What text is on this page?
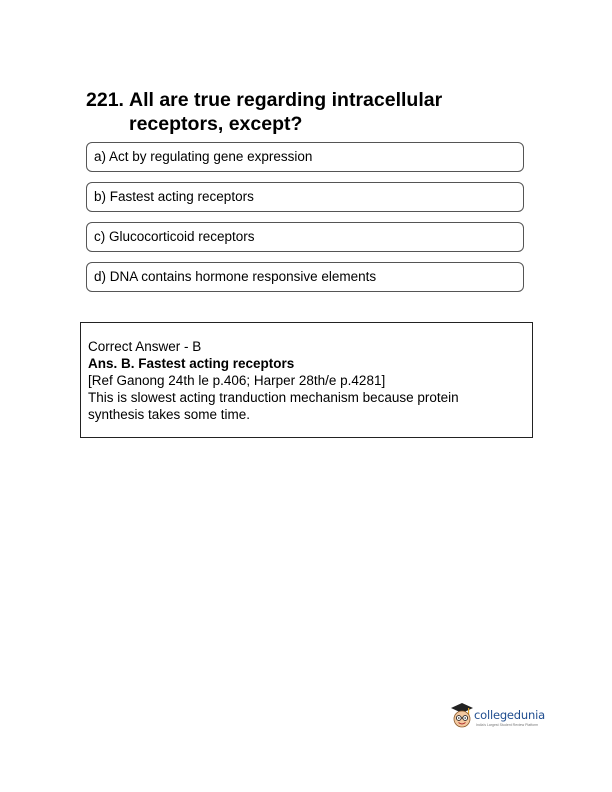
221. All are true regarding intracellular
receptors, except?
a) Act by regulating gene expression
b) Fastest acting receptors
c) Glucocorticoid receptors
d) DNA contains hormone responsive elements
Correct Answer - B
Ans. B. Fastest acting receptors
[Ref Ganong 24th le p.406; Harper 28th/e p.4281]
This is slowest acting tranduction mechanism because protein
synthesis takes some time.
collegedunia
India's Largest Student Review Platform
